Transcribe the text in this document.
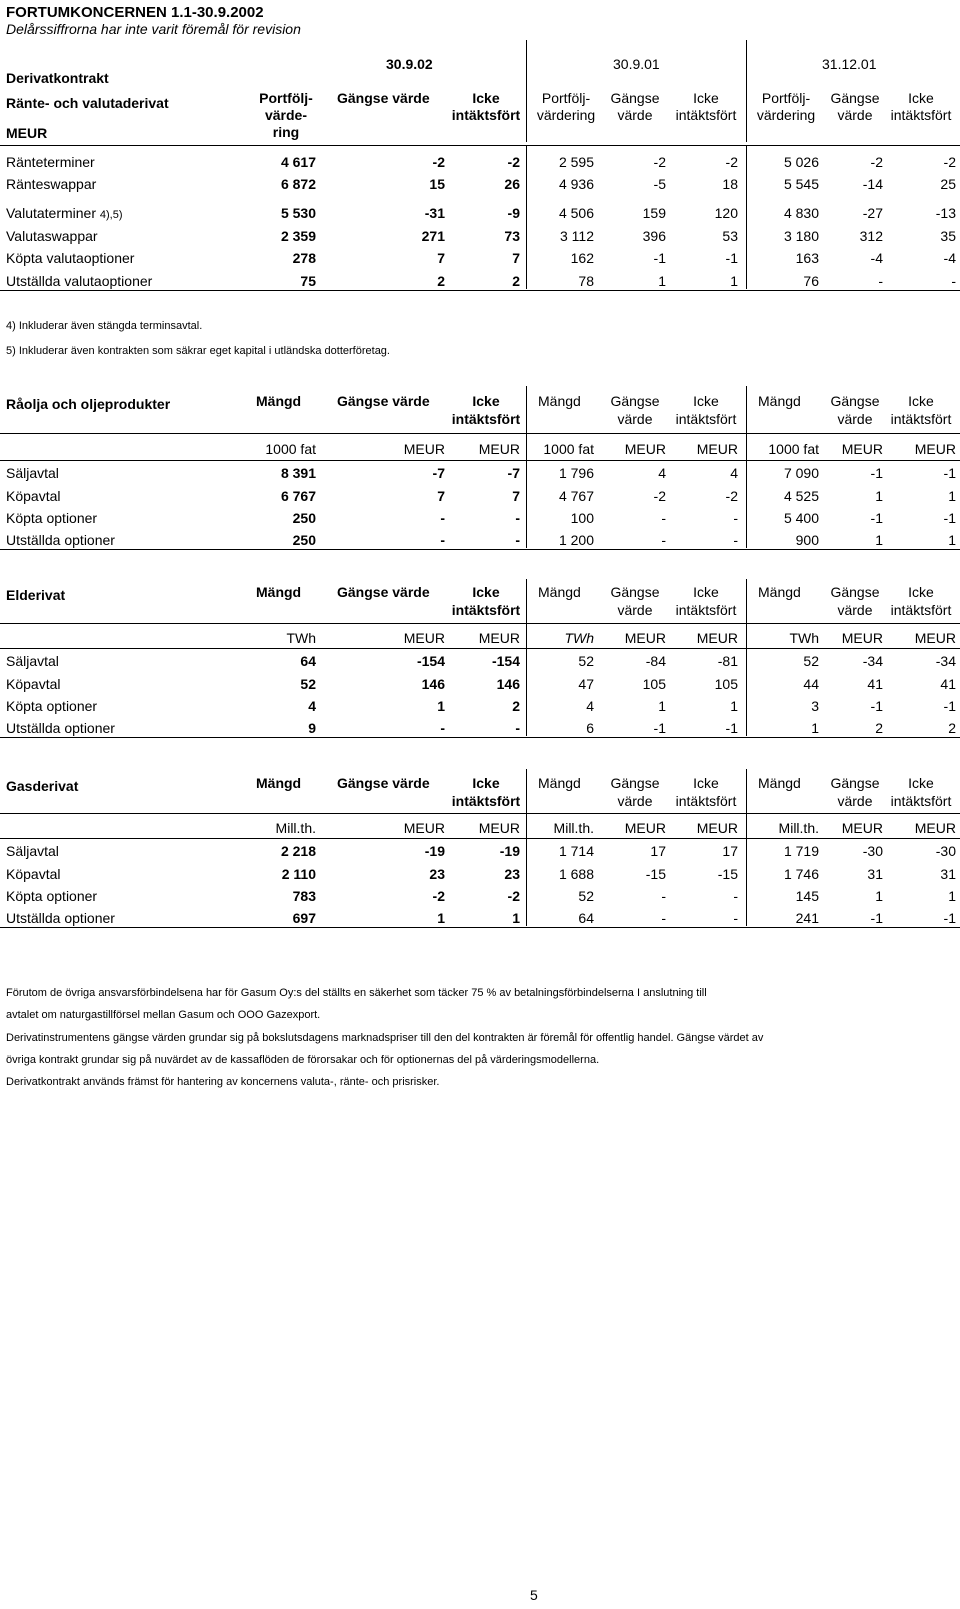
FORTUMKONCERNEN 1.1-30.9.2002
Delårssiffrorna har inte varit föremål för revision
30.9.02	30.9.01	31.12.01
Derivatkontrakt
Ränte- och valutaderivat
MEUR
Portfölj-
värde-
ring
Gängse värde	Icke
intäktsfört
Portfölj-
värdering
Gängse
värde
Icke
intäktsfört
Portfölj-
värdering
Gängse
värde
Icke
intäktsfört
Ränteterminer	4 617	-2	-2	2 595	-2	-2	5 026	-2	-2
Ränteswappar	6 872	15	26	4 936	-5	18	5 545	-14	25
Valutaterminer 4),5)	5 530	-31	-9	4 506	159	120	4 830	-27	-13
Valutaswappar	2 359	271	73	3 112	396	53	3 180	312	35
Köpta valutaoptioner	278	7	7	162	-1	-1	163	-4	-4
Utställda valutaoptioner	75	2	2	78	1	1	76	-	-
4) Inkluderar även stängda terminsavtal.
5) Inkluderar även kontrakten som säkrar eget kapital i utländska dotterföretag.
Råolja och oljeprodukter	Mängd	Gängse värde	Icke
intäktsfört
Mängd	Gängse
värde
Icke
intäktsfört
Mängd	Gängse
värde
Icke
intäktsfört
1000 fat	MEUR MEUR 1000 fat MEUR MEUR 1000 fat MEUR MEUR
Säljavtal	8 391	-7	-7	1 796	4	4	7 090	-1	-1
Köpavtal	6 767	7	7	4 767	-2	-2	4 525	1	1
Köpta optioner	250	-	-	100	-	-	5 400	-1	-1
Utställda optioner	250	-	-	1 200	-	-	900	1	1
Elderivat	Mängd	Gängse värde	Icke
intäktsfört
Mängd	Gängse
värde
Icke
intäktsfört
Mängd	Gängse
värde
Icke
intäktsfört
TWh	MEUR MEUR	TWh MEUR MEUR	TWh MEUR MEUR
Säljavtal	64	-154	-154	52	-84	-81	52	-34	-34
Köpavtal	52	146	146	47	105	105	44	41	41
Köpta optioner	4	1	2	4	1	1	3	-1	-1
Utställda optioner	9	-	-	6	-1	-1	1	2	2
Gasderivat	Mängd	Gängse värde	Icke
intäktsfört
Mängd	Gängse
värde
Icke
intäktsfört
Mängd	Gängse
värde
Icke
intäktsfört
Mill.th.	MEUR MEUR Mill.th. MEUR MEUR	Mill.th. MEUR MEUR
Säljavtal	2 218	-19	-19	1 714	17	17	1 719	-30	-30
Köpavtal	2 110	23	23	1 688	-15	-15	1 746	31	31
Köpta optioner	783	-2	-2	52	-	-	145	1	1
Utställda optioner	697	1	1	64	-	-	241	-1	-1
Förutom de övriga ansvarsförbindelsena har för Gasum Oy:s del ställts en säkerhet som täcker 75 % av betalningsförbindelserna I anslutning till
avtalet om naturgastillförsel mellan Gasum och OOO Gazexport.
Derivatinstrumentens gängse värden grundar sig på bokslutsdagens marknadspriser till den del kontrakten är föremål för offentlig handel. Gängse värdet av
övriga kontrakt grundar sig på nuvärdet av de kassaflöden de förorsakar och för optionernas del på värderingsmodellerna.
Derivatkontrakt används främst för hantering av koncernens valuta-, ränte- och prisrisker.
5
